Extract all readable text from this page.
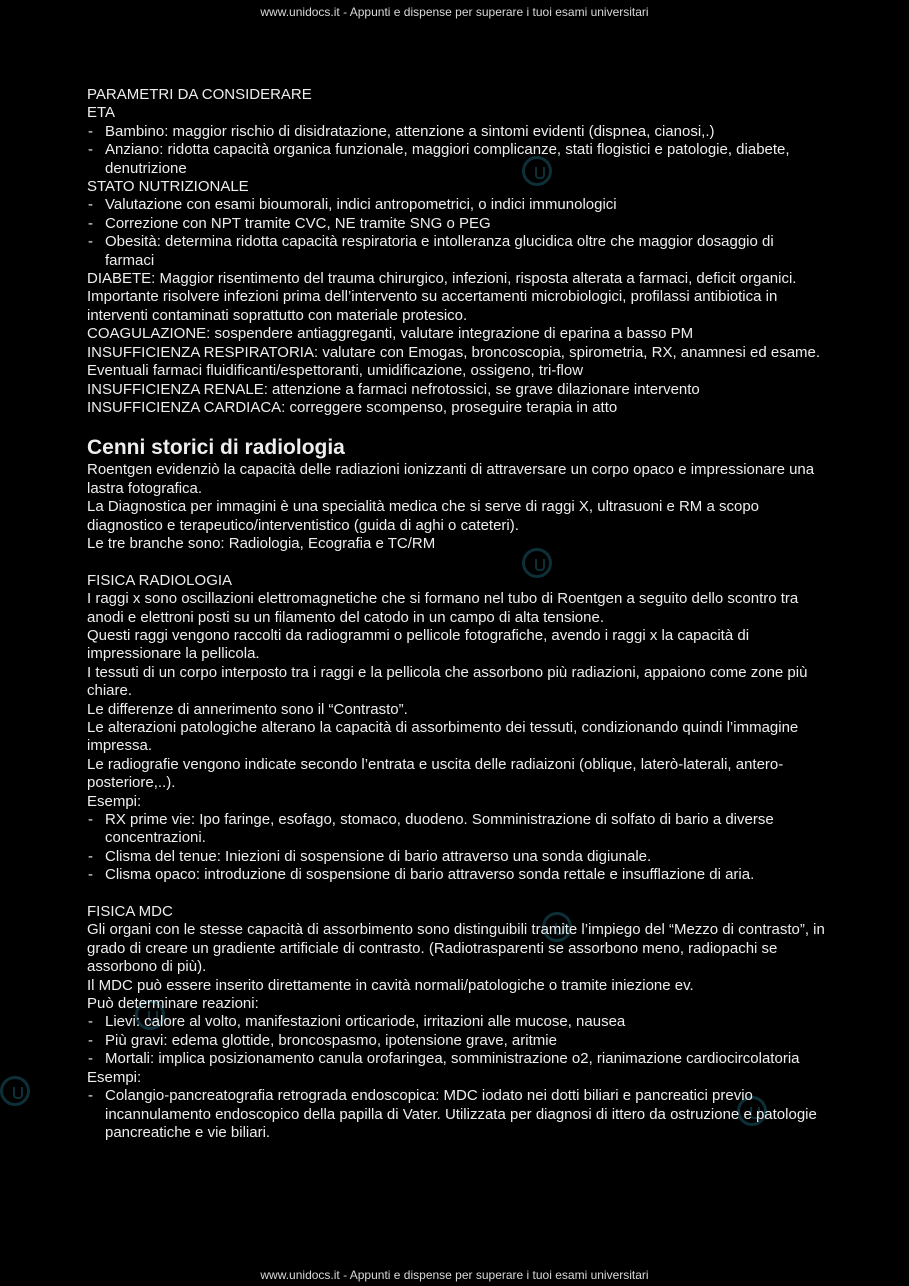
www.unidocs.it - Appunti e dispense per superare i tuoi esami universitari
www.unidocs.it - Appunti e dispense per superare i tuoi esami universitari

PARAMETRI DA CONSIDERARE

ETA

- Bambino: maggior rischio di disidratazione, attenzione a sintomi evidenti (dispnea, cianosi,.)

- Anziano: ridotta capacità organica funzionale, maggiori complicanze, stati flogistici e patologie, diabete, denutrizione

STATO NUTRIZIONALE

- Valutazione con esami bioumorali, indici antropometrici, o indici immunologici

- Correzione con NPT tramite CVC, NE tramite SNG o PEG

- Obesità: determina ridotta capacità respiratoria e intolleranza glucidica oltre che maggior dosaggio di farmaci

DIABETE: Maggior risentimento del trauma chirurgico, infezioni, risposta alterata a farmaci, deficit organici. Importante risolvere infezioni prima dell’intervento su accertamenti microbiologici, profilassi antibiotica in interventi contaminati soprattutto con materiale protesico.

COAGULAZIONE: sospendere antiaggreganti, valutare integrazione di eparina a basso PM

INSUFFICIENZA RESPIRATORIA: valutare con Emogas, broncoscopia, spirometria, RX, anamnesi ed esame. Eventuali farmaci fluidificanti/espettoranti, umidificazione, ossigeno, tri-flow

INSUFFICIENZA RENALE: attenzione a farmaci nefrotossici, se grave dilazionare intervento

INSUFFICIENZA CARDIACA: correggere scompenso, proseguire terapia in atto

Cenni storici di radiologia

Roentgen evidenziò la capacità delle radiazioni ionizzanti di attraversare un corpo opaco e impressionare una lastra fotografica.

La Diagnostica per immagini è una specialità medica che si serve di raggi X, ultrasuoni e RM a scopo diagnostico e terapeutico/interventistico (guida di aghi o cateteri).

Le tre branche sono: Radiologia, Ecografia e TC/RM

FISICA RADIOLOGIA

I raggi x sono oscillazioni elettromagnetiche che si formano nel tubo di Roentgen a seguito dello scontro tra anodi e elettroni posti su un filamento del catodo in un campo di alta tensione.

Questi raggi vengono raccolti da radiogrammi o pellicole fotografiche, avendo i raggi x la capacità di impressionare la pellicola.

I tessuti di un corpo interposto tra i raggi e la pellicola che assorbono più radiazioni, appaiono come zone più chiare.

Le differenze di annerimento sono il “Contrasto”.

Le alterazioni patologiche alterano la capacità di assorbimento dei tessuti, condizionando quindi l’immagine impressa.

Le radiografie vengono indicate secondo l’entrata e uscita delle radiaizoni (oblique, laterò-laterali, antero-posteriore,..).

Esempi:

- RX prime vie: Ipo faringe, esofago, stomaco, duodeno. Somministrazione di solfato di bario a diverse concentrazioni.

- Clisma del tenue: Iniezioni di sospensione di bario attraverso una sonda digiunale.

- Clisma opaco: introduzione di sospensione di bario attraverso sonda rettale e insufflazione di aria.

FISICA MDC

Gli organi con le stesse capacità di assorbimento sono distinguibili tramite l’impiego del “Mezzo di contrasto”, in grado di creare un gradiente artificiale di contrasto. (Radiotrasparenti se assorbono meno, radiopachi se assorbono di più).

Il MDC può essere inserito direttamente in cavità normali/patologiche o tramite iniezione ev.

Può determinare reazioni:

- Lievi: calore al volto, manifestazioni orticariode, irritazioni alle mucose, nausea

- Più gravi: edema glottide, broncospasmo, ipotensione grave, aritmie

- Mortali: implica posizionamento canula orofaringea, somministrazione o2, rianimazione cardiocircolatoria

Esempi:

- Colangio-pancreatografia retrograda endoscopica: MDC iodato nei dotti biliari e pancreatici previo incannulamento endoscopico della papilla di Vater. Utilizzata per diagnosi di ittero da ostruzione e patologie pancreatiche e vie biliari.
